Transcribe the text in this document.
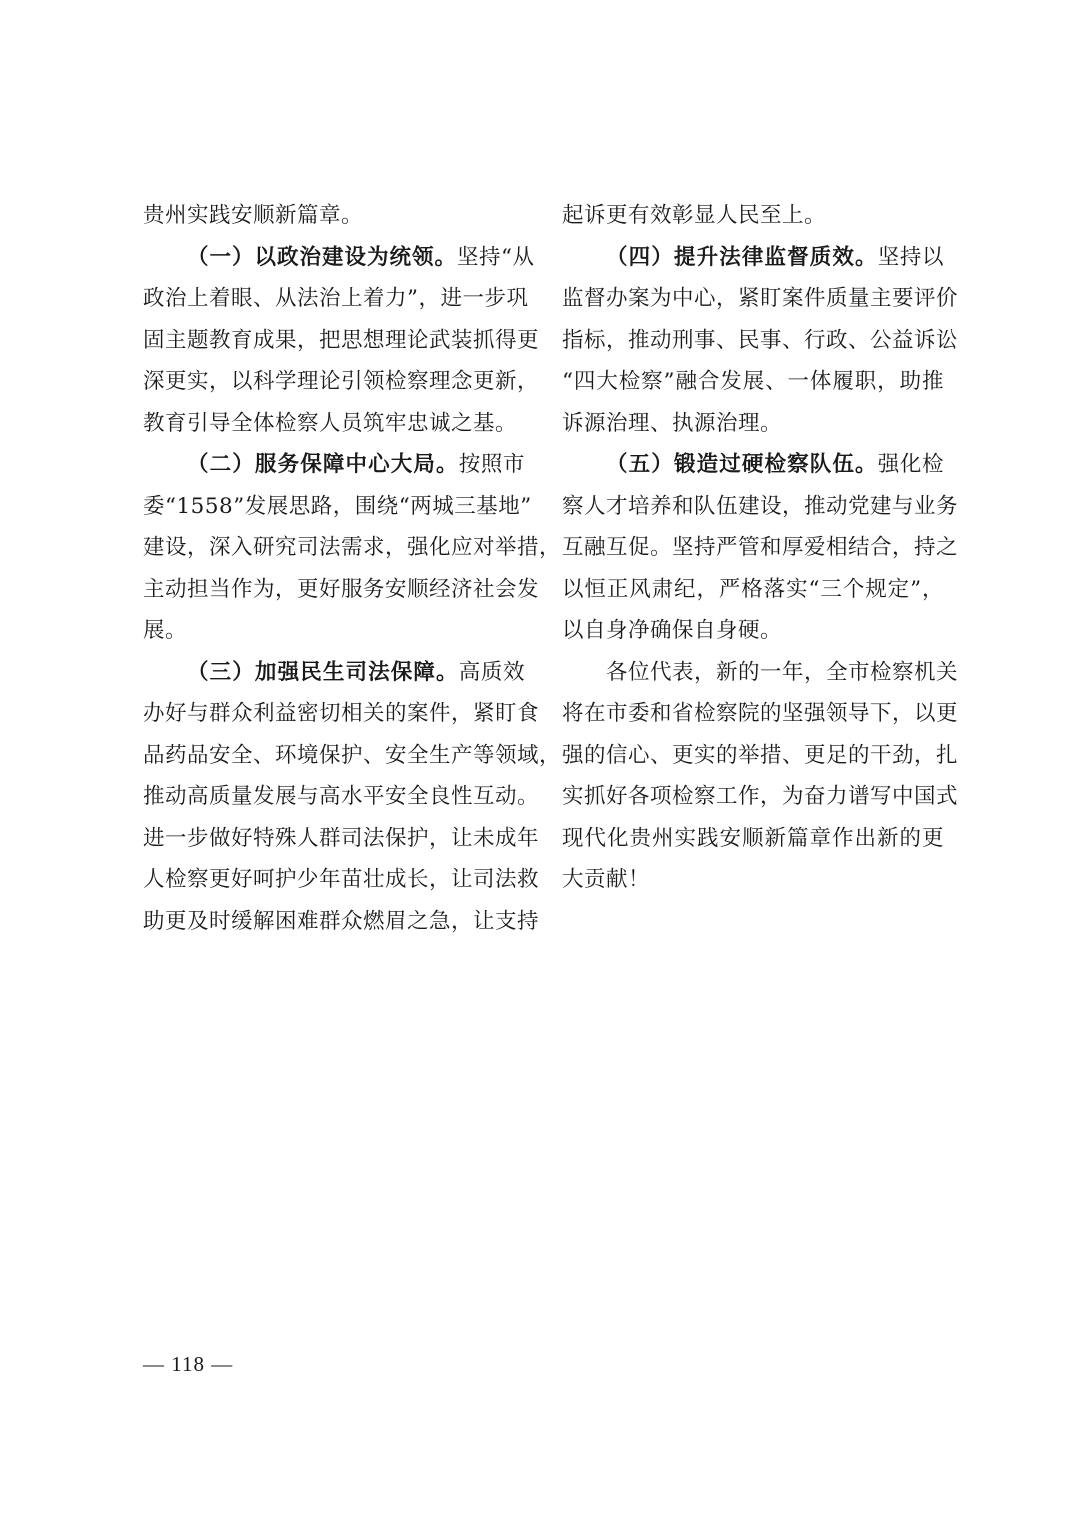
贵州实践安顺新篇章。
（一）以政治建设为统领。坚持“从
政治上着眼、从法治上着力”，进一步巩
固主题教育成果，把思想理论武装抓得更
深更实，以科学理论引领检察理念更新，
教育引导全体检察人员筑牢忠诚之基。
（二）服务保障中心大局。按照市
委“1558”发展思路，围绕“两城三基地”
建设，深入研究司法需求，强化应对举措，
主动担当作为，更好服务安顺经济社会发
展。
（三）加强民生司法保障。高质效
办好与群众利益密切相关的案件，紧盯食
品药品安全、环境保护、安全生产等领域，
推动高质量发展与高水平安全良性互动。
进一步做好特殊人群司法保护，让未成年
人检察更好呵护少年苗壮成长，让司法救
助更及时缓解困难群众燃眉之急，让支持
起诉更有效彰显人民至上。
（四）提升法律监督质效。坚持以
监督办案为中心，紧盯案件质量主要评价
指标，推动刑事、民事、行政、公益诉讼
“四大检察”融合发展、一体履职，助推
诉源治理、执源治理。
（五）锻造过硬检察队伍。强化检
察人才培养和队伍建设，推动党建与业务
互融互促。坚持严管和厚爱相结合，持之
以恒正风肃纪，严格落实“三个规定”，
以自身净确保自身硬。
各位代表，新的一年，全市检察机关
将在市委和省检察院的坚强领导下，以更
强的信心、更实的举措、更足的干劲，扎
实抓好各项检察工作，为奋力谱写中国式
现代化贵州实践安顺新篇章作出新的更
大贡献！
— 118 —
